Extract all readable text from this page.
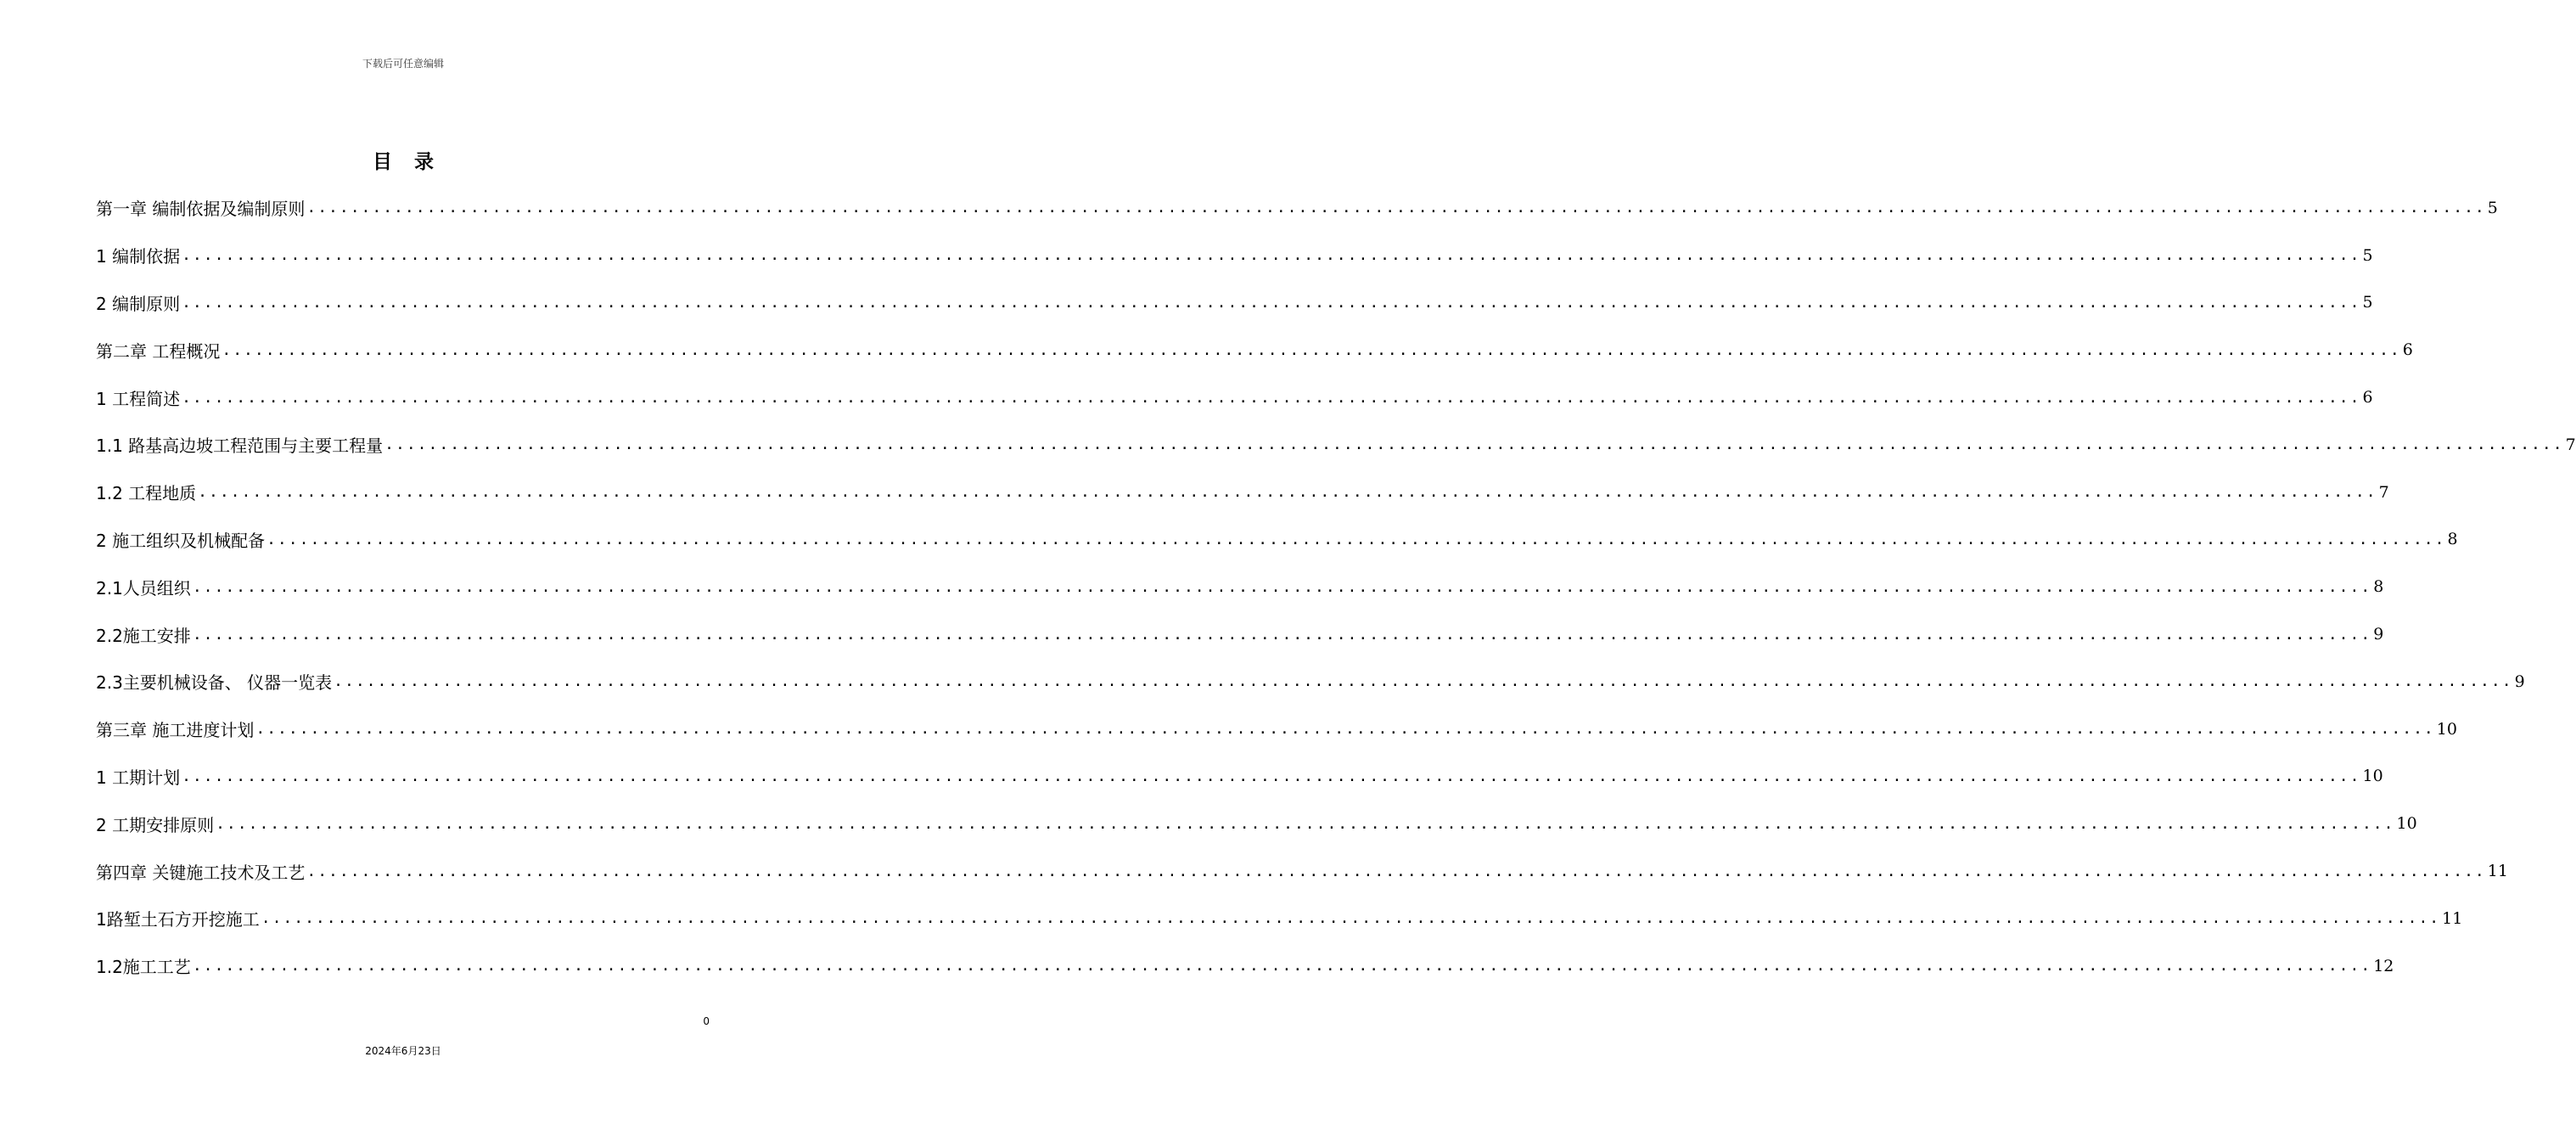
下载后可任意编辑
目录
第一章 编制依据及编制原则 ........................................................................................................................................................................................................ 5
1 编制依据 ........................................................................................................................................................................................................ 5
2 编制原则 ........................................................................................................................................................................................................ 5
第二章 工程概况 ........................................................................................................................................................................................................ 6
1 工程简述 ........................................................................................................................................................................................................ 6
1.1 路基高边坡工程范围与主要工程量 ........................................................................................................................................................................................................ 7
1.2 工程地质 ........................................................................................................................................................................................................ 7
2 施工组织及机械配备 ........................................................................................................................................................................................................ 8
2.1人员组织 ........................................................................................................................................................................................................ 8
2.2施工安排 ........................................................................................................................................................................................................ 9
2.3主要机械设备、 仪器一览表 ........................................................................................................................................................................................................ 9
第三章 施工进度计划 ........................................................................................................................................................................................................ 10
1 工期计划 ........................................................................................................................................................................................................ 10
2 工期安排原则 ........................................................................................................................................................................................................ 10
第四章 关键施工技术及工艺 ........................................................................................................................................................................................................ 11
1路堑土石方开挖施工 ........................................................................................................................................................................................................ 11
1.2施工工艺 ........................................................................................................................................................................................................ 12
0
2024年6月23日
